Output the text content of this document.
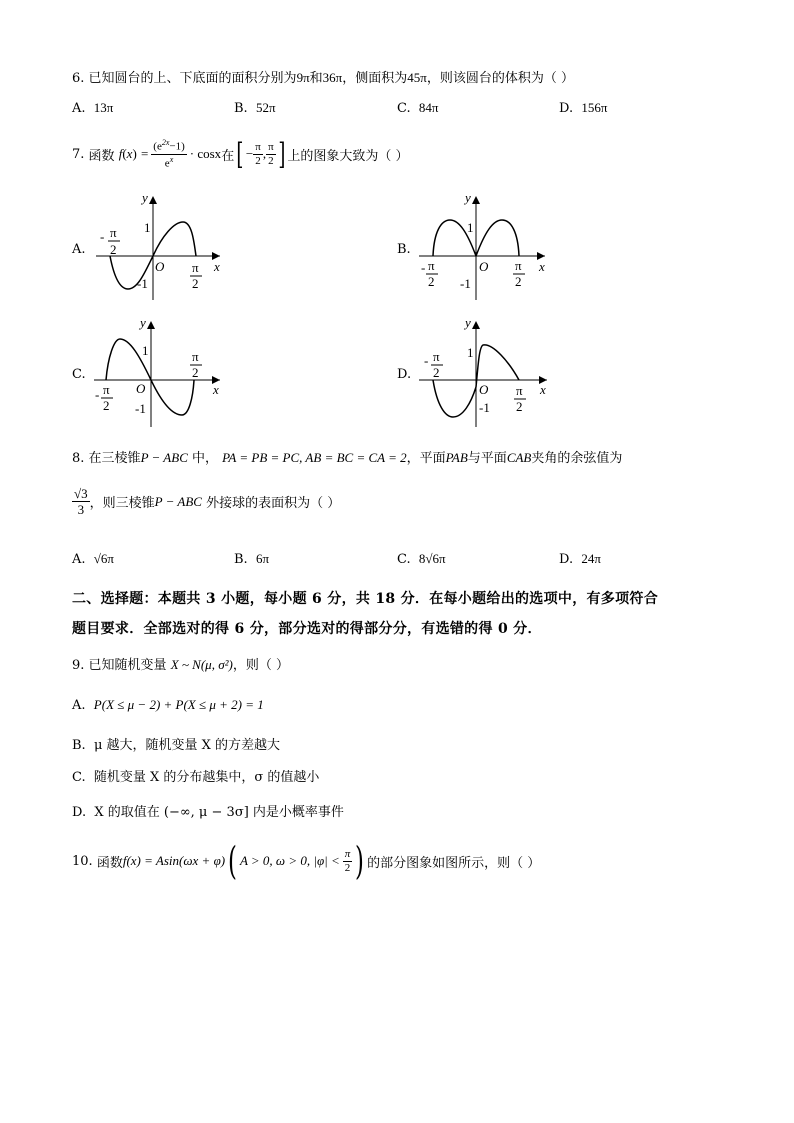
6. 已知圆台的上、下底面的面积分别为9π和36π，侧面积为45π，则该圆台的体积为（ ）
A. 13π	B. 52π	C. 84π	D. 156π
7.
函数
f ( x )
= $\frac{(e^{2x}-1)}{e^x} \cdot \cos x$ 在 [ − $\frac{\pi}{2}$ , $\frac{\pi}{2}$ ] 上的图象大致为（ ）
A.
y
1
-1
O	x
- π
2
π
2
B.
y
1
-1
O	x
- π
2
π
2
C.
y
1
-1
O	x
- π
2
π
2	D.
y
1
-1
O	x
- π
2
π
2
8. 在三棱锥P − ABC 中， PA = PB = PC, AB = BC = CA = 2，平面PAB与平面CAB夹角的余弦值为
$\frac{√3}{3}$ ，则三棱锥 P − ABC
外接球的表面积为（ ）
A. √6π	B. 6π	C. 8√6π	D. 24π
二、选择题：本题共 3 小题，每小题 6 分，共 18 分．在每小题给出的选项中，有多项符合
题目要求．全部选对的得 6 分，部分选对的得部分分，有选错的得 0 分．
9. 已知随机变量 X ~ N(μ, σ²)，则（ ）
A. P(X ≤ μ − 2) + P(X ≤ μ + 2) = 1
B. μ 越大，随机变量 X 的方差越大
C. 随机变量 X 的分布越集中，σ 的值越小
D. X 的取值在 (−∞, μ − 3σ] 内是小概率事件
10.
函数 f(x) = Asin(ωx + φ) ( A > 0, ω > 0, $|\varphi| < \frac{\pi}{2}$ ) 的部分图象如图所示，则（ ）
